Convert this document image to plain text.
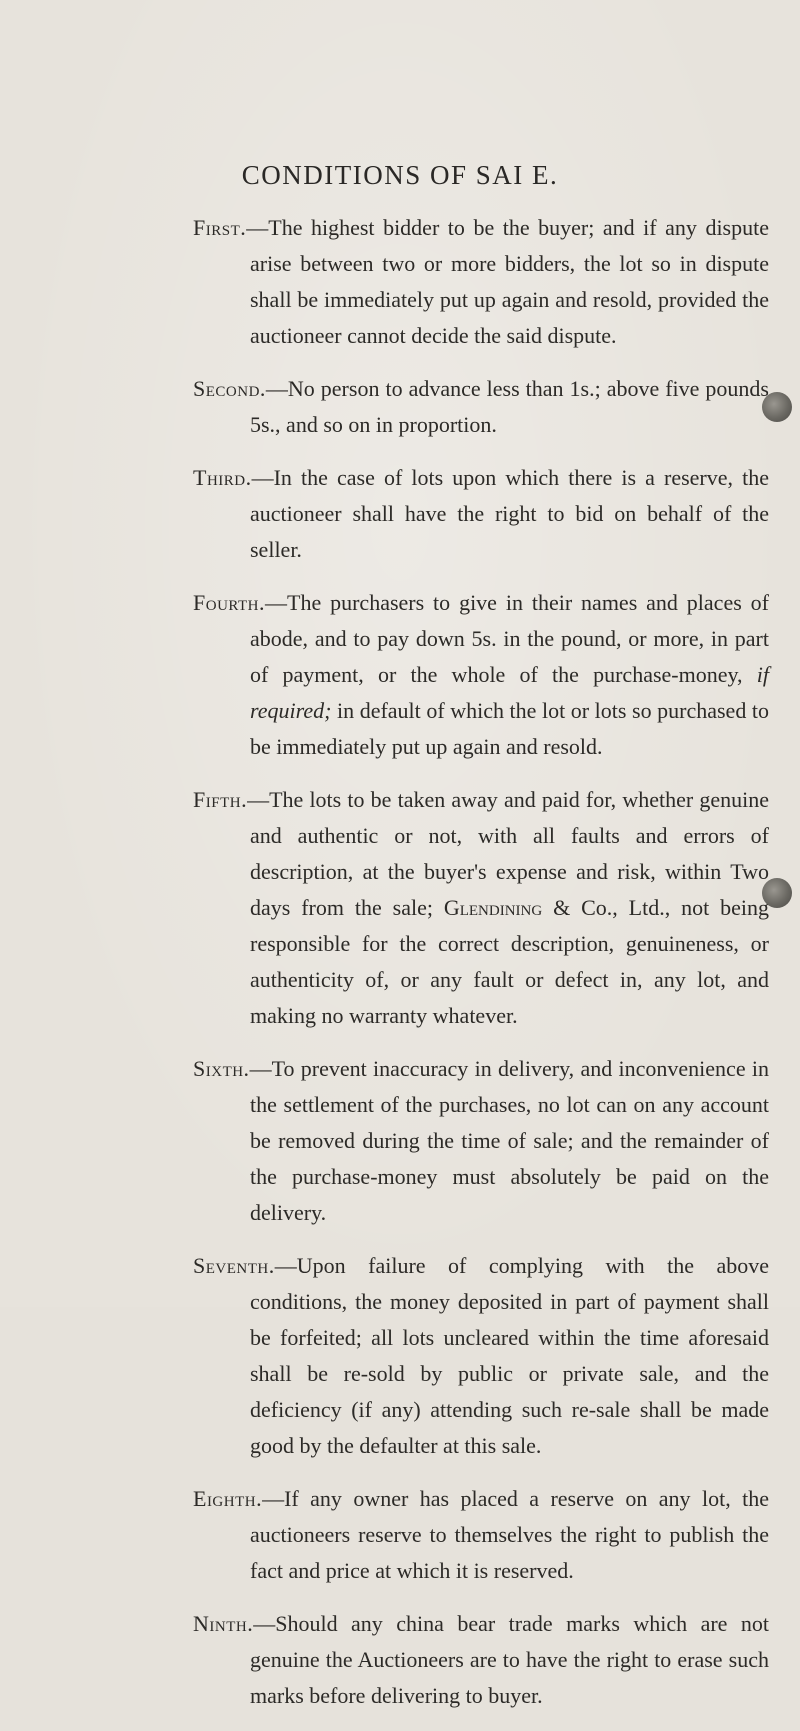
CONDITIONS OF SAI E.

First.—The highest bidder to be the buyer; and if any dispute arise between two or more bidders, the lot so in dispute shall be immediately put up again and resold, provided the auctioneer cannot decide the said dispute.

Second.—No person to advance less than 1s.; above five pounds 5s., and so on in proportion.

Third.—In the case of lots upon which there is a reserve, the auctioneer shall have the right to bid on behalf of the seller.

Fourth.—The purchasers to give in their names and places of abode, and to pay down 5s. in the pound, or more, in part of payment, or the whole of the purchase-money, if required; in default of which the lot or lots so purchased to be immediately put up again and resold.

Fifth.—The lots to be taken away and paid for, whether genuine and authentic or not, with all faults and errors of description, at the buyer's expense and risk, within Two days from the sale; Glendining & Co., Ltd., not being responsible for the correct description, genuineness, or authenticity of, or any fault or defect in, any lot, and making no warranty whatever.

Sixth.—To prevent inaccuracy in delivery, and inconvenience in the settlement of the purchases, no lot can on any account be removed during the time of sale; and the remainder of the purchase-money must absolutely be paid on the delivery.

Seventh.—Upon failure of complying with the above conditions, the money deposited in part of payment shall be forfeited; all lots uncleared within the time aforesaid shall be re-sold by public or private sale, and the deficiency (if any) attending such re-sale shall be made good by the defaulter at this sale.

Eighth.—If any owner has placed a reserve on any lot, the auctioneers reserve to themselves the right to publish the fact and price at which it is reserved.

Ninth.—Should any china bear trade marks which are not genuine the Auctioneers are to have the right to erase such marks before delivering to buyer.
